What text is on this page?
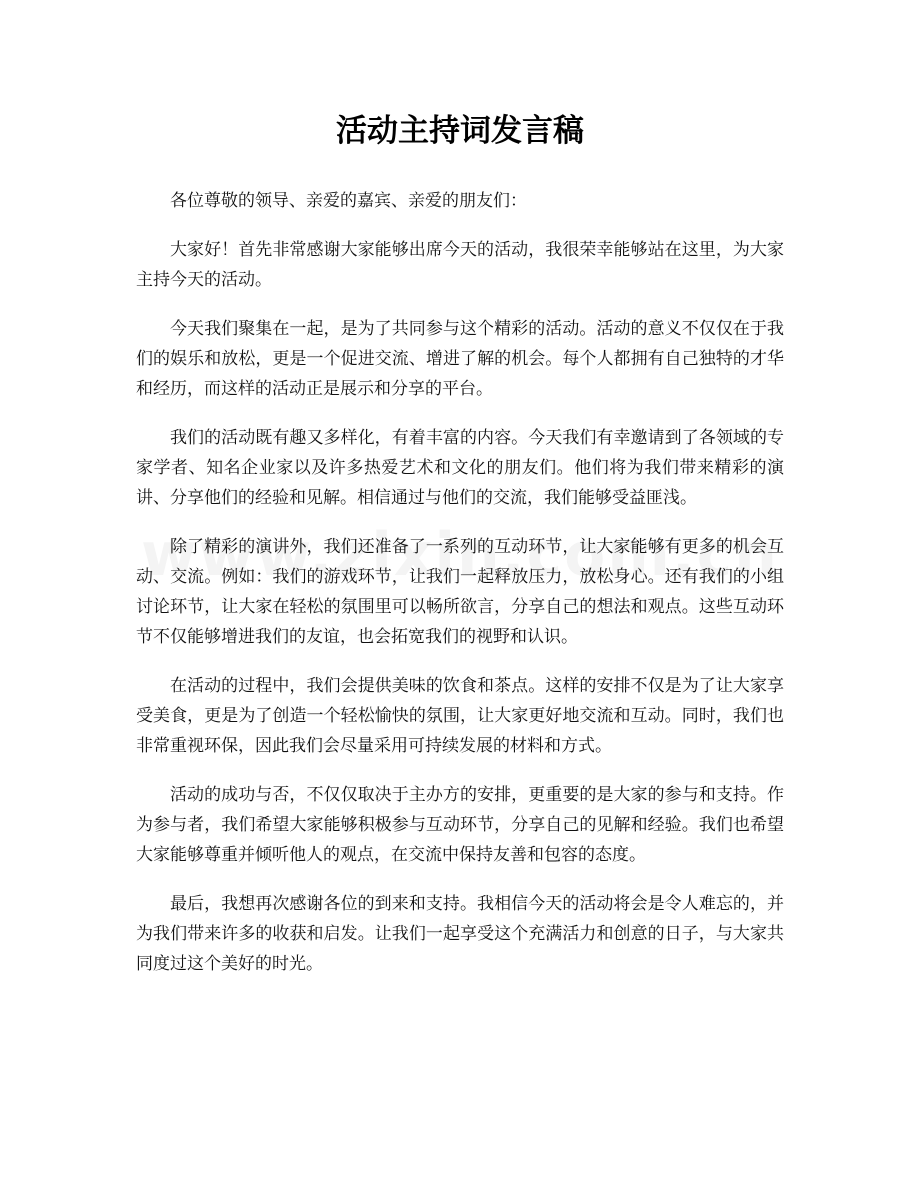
活动主持词发言稿

各位尊敬的领导、亲爱的嘉宾、亲爱的朋友们：

大家好！首先非常感谢大家能够出席今天的活动，我很荣幸能够站在这里，为大家主持今天的活动。

今天我们聚集在一起，是为了共同参与这个精彩的活动。活动的意义不仅仅在于我们的娱乐和放松，更是一个促进交流、增进了解的机会。每个人都拥有自己独特的才华和经历，而这样的活动正是展示和分享的平台。

我们的活动既有趣又多样化，有着丰富的内容。今天我们有幸邀请到了各领域的专家学者、知名企业家以及许多热爱艺术和文化的朋友们。他们将为我们带来精彩的演讲、分享他们的经验和见解。相信通过与他们的交流，我们能够受益匪浅。

除了精彩的演讲外，我们还准备了一系列的互动环节，让大家能够有更多的机会互动、交流。例如：我们的游戏环节，让我们一起释放压力，放松身心。还有我们的小组讨论环节，让大家在轻松的氛围里可以畅所欲言，分享自己的想法和观点。这些互动环节不仅能够增进我们的友谊，也会拓宽我们的视野和认识。

在活动的过程中，我们会提供美味的饮食和茶点。这样的安排不仅是为了让大家享受美食，更是为了创造一个轻松愉快的氛围，让大家更好地交流和互动。同时，我们也非常重视环保，因此我们会尽量采用可持续发展的材料和方式。

活动的成功与否，不仅仅取决于主办方的安排，更重要的是大家的参与和支持。作为参与者，我们希望大家能够积极参与互动环节，分享自己的见解和经验。我们也希望大家能够尊重并倾听他人的观点，在交流中保持友善和包容的态度。

最后，我想再次感谢各位的到来和支持。我相信今天的活动将会是令人难忘的，并为我们带来许多的收获和启发。让我们一起享受这个充满活力和创意的日子，与大家共同度过这个美好的时光。
